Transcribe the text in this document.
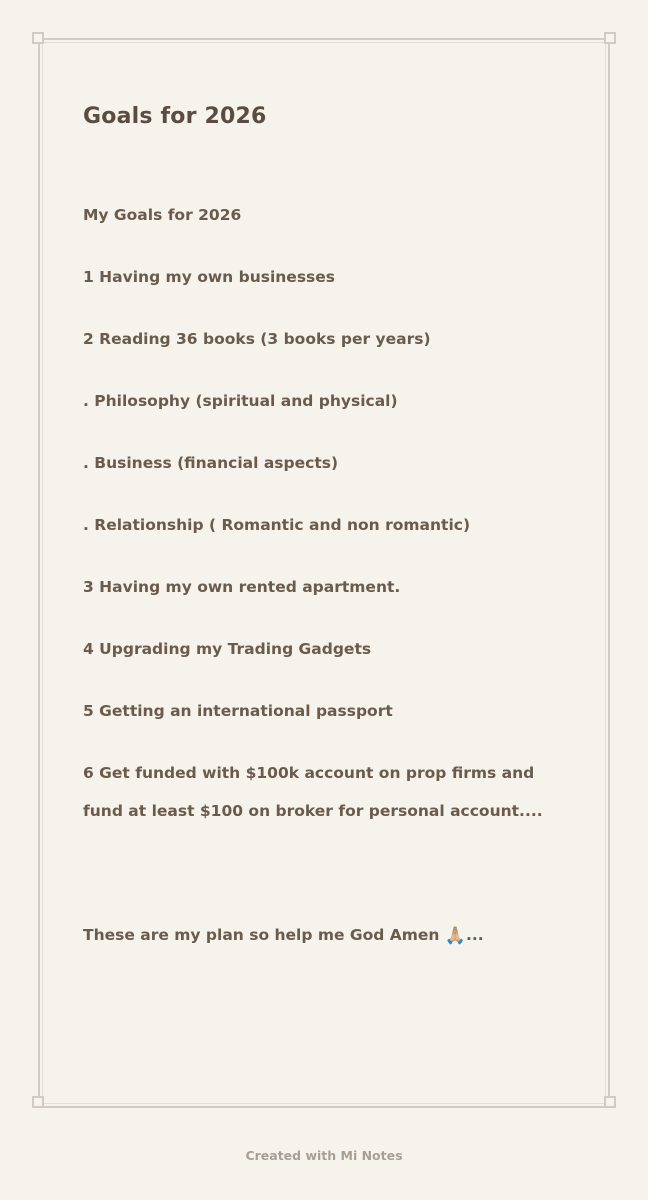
Goals for 2026

My Goals for 2026

1 Having my own businesses

2 Reading 36 books (3 books per years)

. Philosophy (spiritual and physical)

. Business (financial aspects)

. Relationship ( Romantic and non romantic)

3 Having my own rented apartment.

4 Upgrading my Trading Gadgets

5 Getting an international passport

6 Get funded with $100k account on prop firms and fund at least $100 on broker for personal account....

These are my plan so help me God Amen 🙏🏼...

Created with Mi Notes
